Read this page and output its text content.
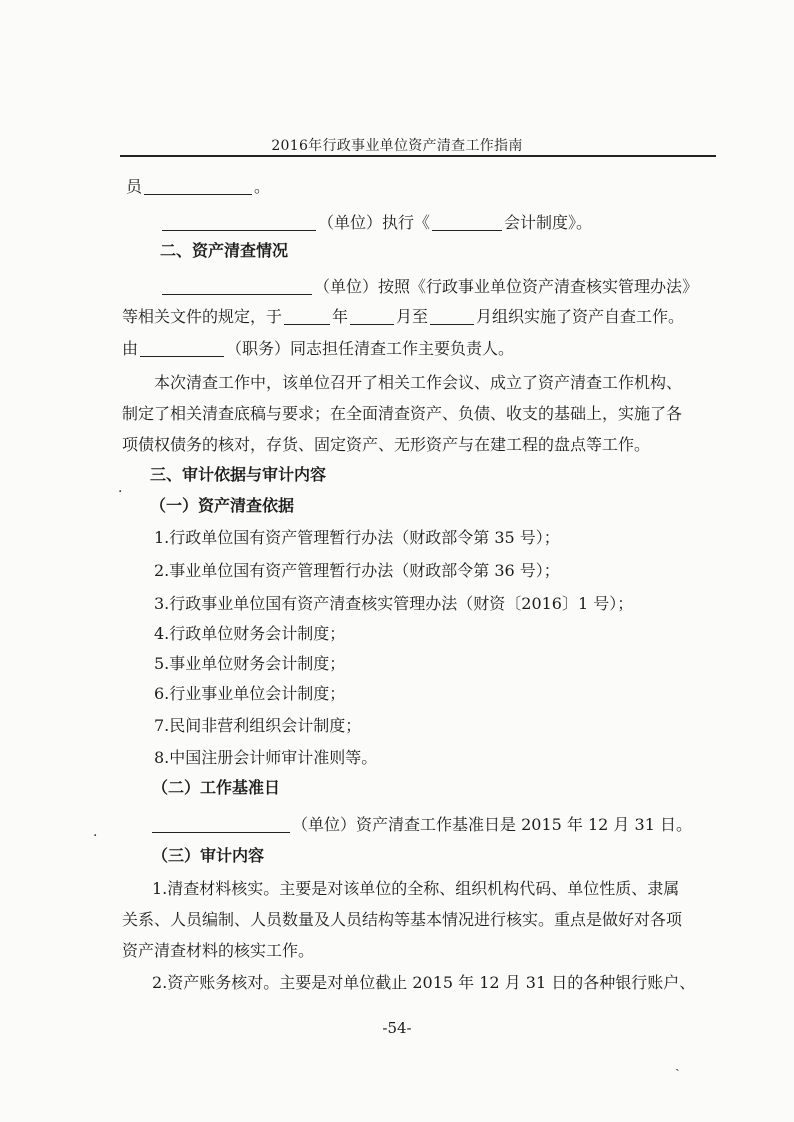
2016年行政事业单位资产清查工作指南
员	。
（单位）执行《	会计制度》。
二、资产清查情况
（单位）按照《行政事业单位资产清查核实管理办法》
等相关文件的规定，于	年	月至	月组织实施了资产自查工作。
由	（职务）同志担任清查工作主要负责人。
本次清查工作中，该单位召开了相关工作会议、成立了资产清查工作机构、
制定了相关清查底稿与要求；在全面清查资产、负债、收支的基础上，实施了各
项债权债务的核对，存货、固定资产、无形资产与在建工程的盘点等工作。
三、审计依据与审计内容
（一）资产清查依据
1.行政单位国有资产管理暂行办法（财政部令第 35 号）；
2.事业单位国有资产管理暂行办法（财政部令第 36 号）；
3.行政事业单位国有资产清查核实管理办法（财资〔2016〕1 号）；
4.行政单位财务会计制度；
5.事业单位财务会计制度；
6.行业事业单位会计制度；
7.民间非营利组织会计制度；
8.中国注册会计师审计准则等。
（二）工作基准日
（单位）资产清查工作基准日是 2015 年 12 月 31 日。
（三）审计内容
1.清查材料核实。主要是对该单位的全称、组织机构代码、单位性质、隶属
关系、人员编制、人员数量及人员结构等基本情况进行核实。重点是做好对各项
资产清查材料的核实工作。
2.资产账务核对。主要是对单位截止 2015 年 12 月 31 日的各种银行账户、
-54-
ˏ
·
·
